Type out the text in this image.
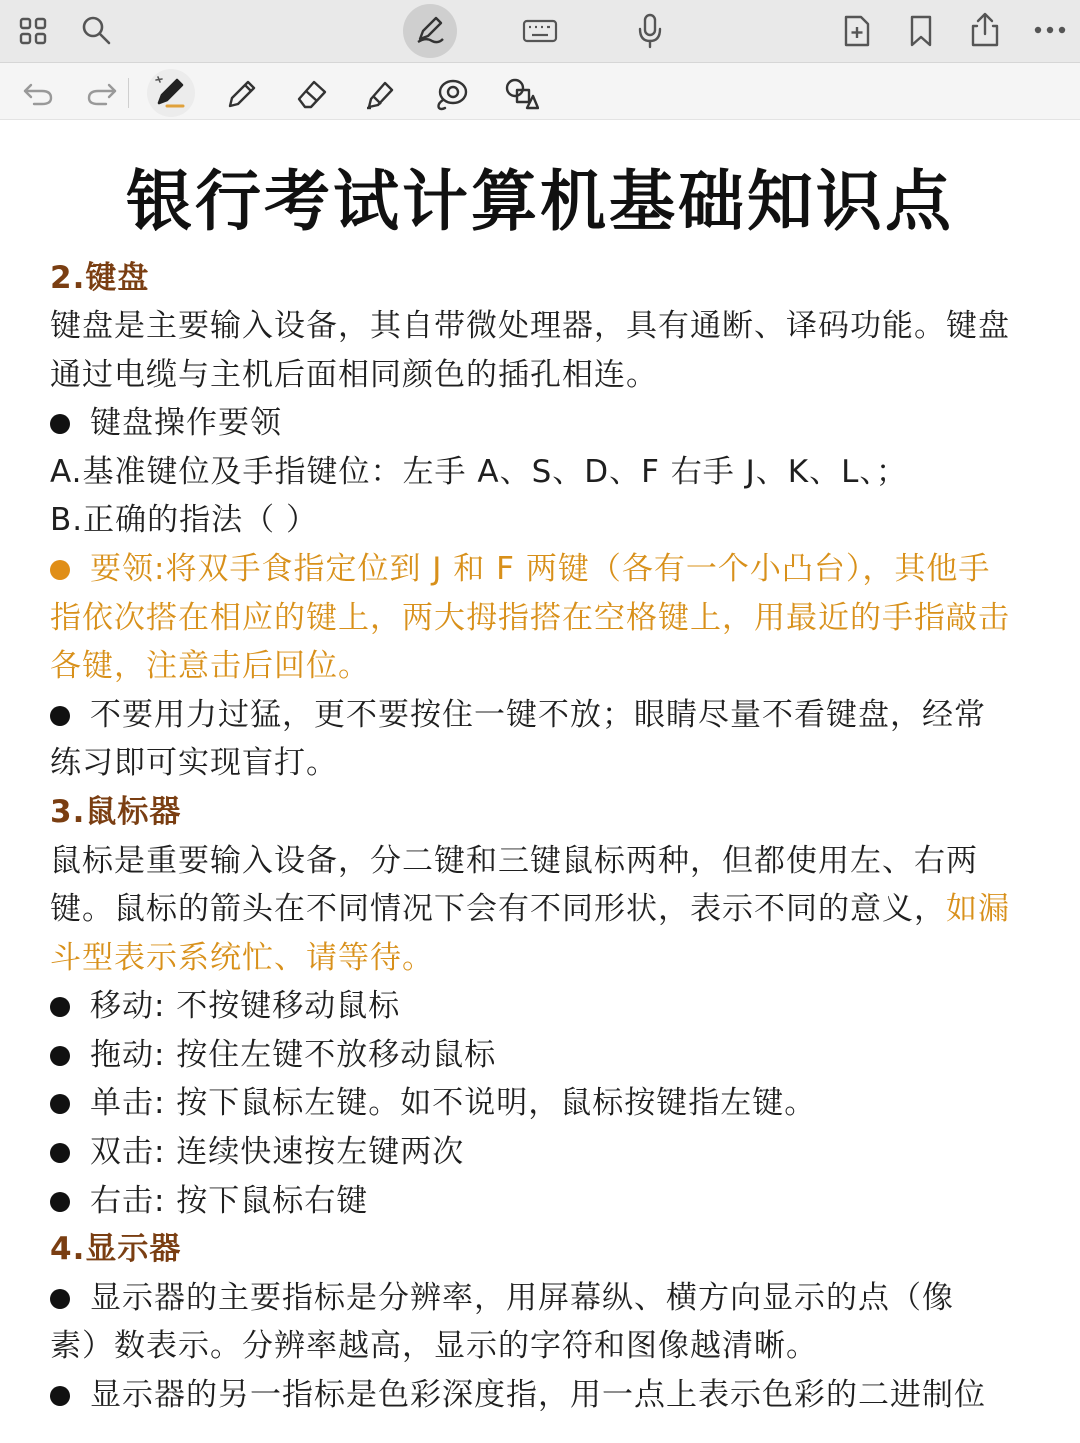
银行考试计算机基础知识点
2.键盘
键盘是主要输入设备，其自带微处理器，具有通断、译码功能。键盘
通过电缆与主机后面相同颜色的插孔相连。
键盘操作要领
A.基准键位及手指键位：左手 A、S、D、F 右手 J、K、L、；
B.正确的指法（ ）
要领:将双手食指定位到 J 和 F 两键（各有一个小凸台），其他手
指依次搭在相应的键上，两大拇指搭在空格键上，用最近的手指敲击
各键，注意击后回位。
不要用力过猛，更不要按住一键不放；眼睛尽量不看键盘，经常
练习即可实现盲打。
3.鼠标器
鼠标是重要输入设备，分二键和三键鼠标两种，但都使用左、右两
键。鼠标的箭头在不同情况下会有不同形状，表示不同的意义，如漏
斗型表示系统忙、请等待。
移动: 不按键移动鼠标
拖动: 按住左键不放移动鼠标
单击: 按下鼠标左键。如不说明，鼠标按键指左键。
双击: 连续快速按左键两次
右击: 按下鼠标右键
4.显示器
显示器的主要指标是分辨率，用屏幕纵、横方向显示的点（像
素）数表示。分辨率越高，显示的字符和图像越清晰。
显示器的另一指标是色彩深度指，用一点上表示色彩的二进制位
